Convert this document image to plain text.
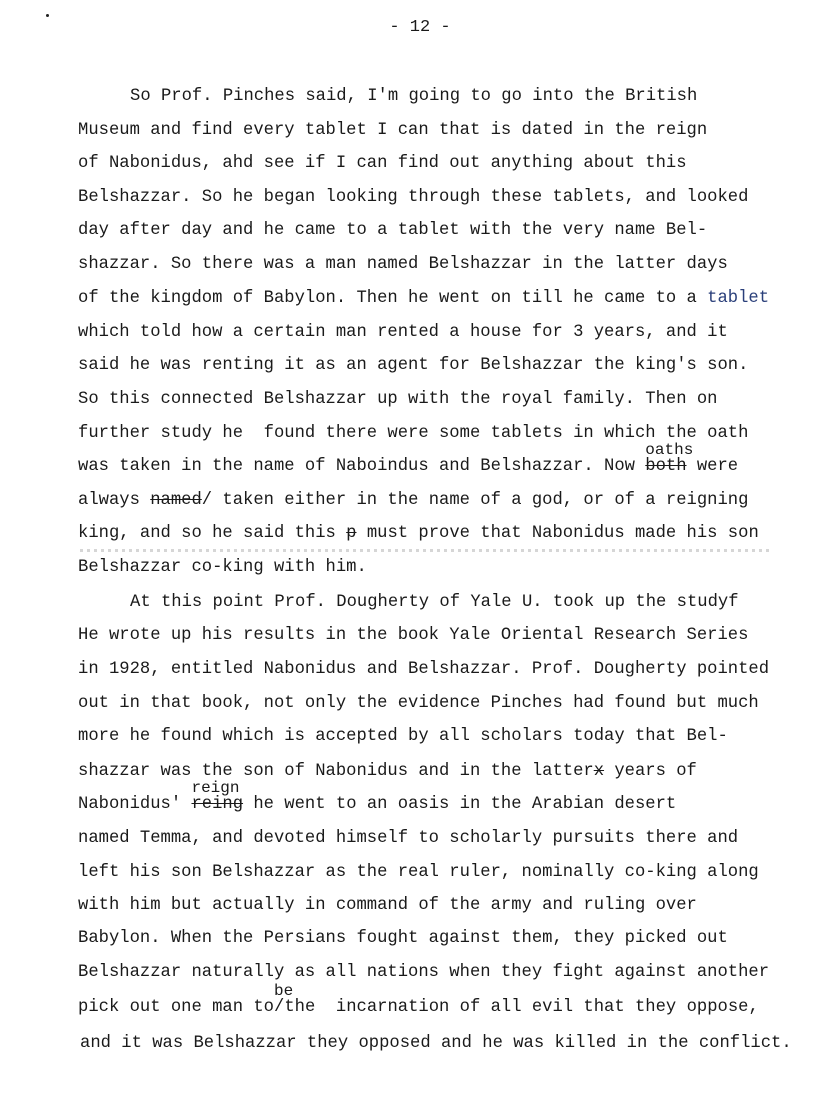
- 12 -
So Prof. Pinches said, I'm going to go into the British
Museum and find every tablet I can that is dated in the reign
of Nabonidus, ahd see if I can find out anything about this
Belshazzar. So he began looking through these tablets, and looked
day after day and he came to a tablet with the very name Bel-
shazzar. So there was a man named Belshazzar in the latter days
of the kingdom of Babylon. Then he went on till he came to a tablet
which told how a certain man rented a house for 3 years, and it
said he was renting it as an agent for Belshazzar the king's son.
So this connected Belshazzar up with the royal family. Then on
further study he  found there were some tablets in which the oath
was taken in the name of Naboindus and Belshazzar. Now both
oaths
were
always named/ taken either in the name of a god, or of a reigning
king, and so he said this p must prove that Nabonidus made his son
Belshazzar co-king with him.
At this point Prof. Dougherty of Yale U. took up the studyf
He wrote up his results in the book Yale Oriental Research Series
in 1928, entitled Nabonidus and Belshazzar. Prof. Dougherty pointed
out in that book, not only the evidence Pinches had found but much
more he found which is accepted by all scholars today that Bel-
shazzar was the son of Nabonidus and in the latterx years of
Nabonidus' reing
reign
he went to an oasis in the Arabian desert
named Temma, and devoted himself to scholarly pursuits there and
left his son Belshazzar as the real ruler, nominally co-king along
with him but actually in command of the army and ruling over
Babylon. When the Persians fought against them, they picked out
Belshazzar naturally as all nations when they fight against another
pick out one man to/
be
the  incarnation of all evil that they oppose,
and it was Belshazzar they opposed and he was killed in the conflict.
